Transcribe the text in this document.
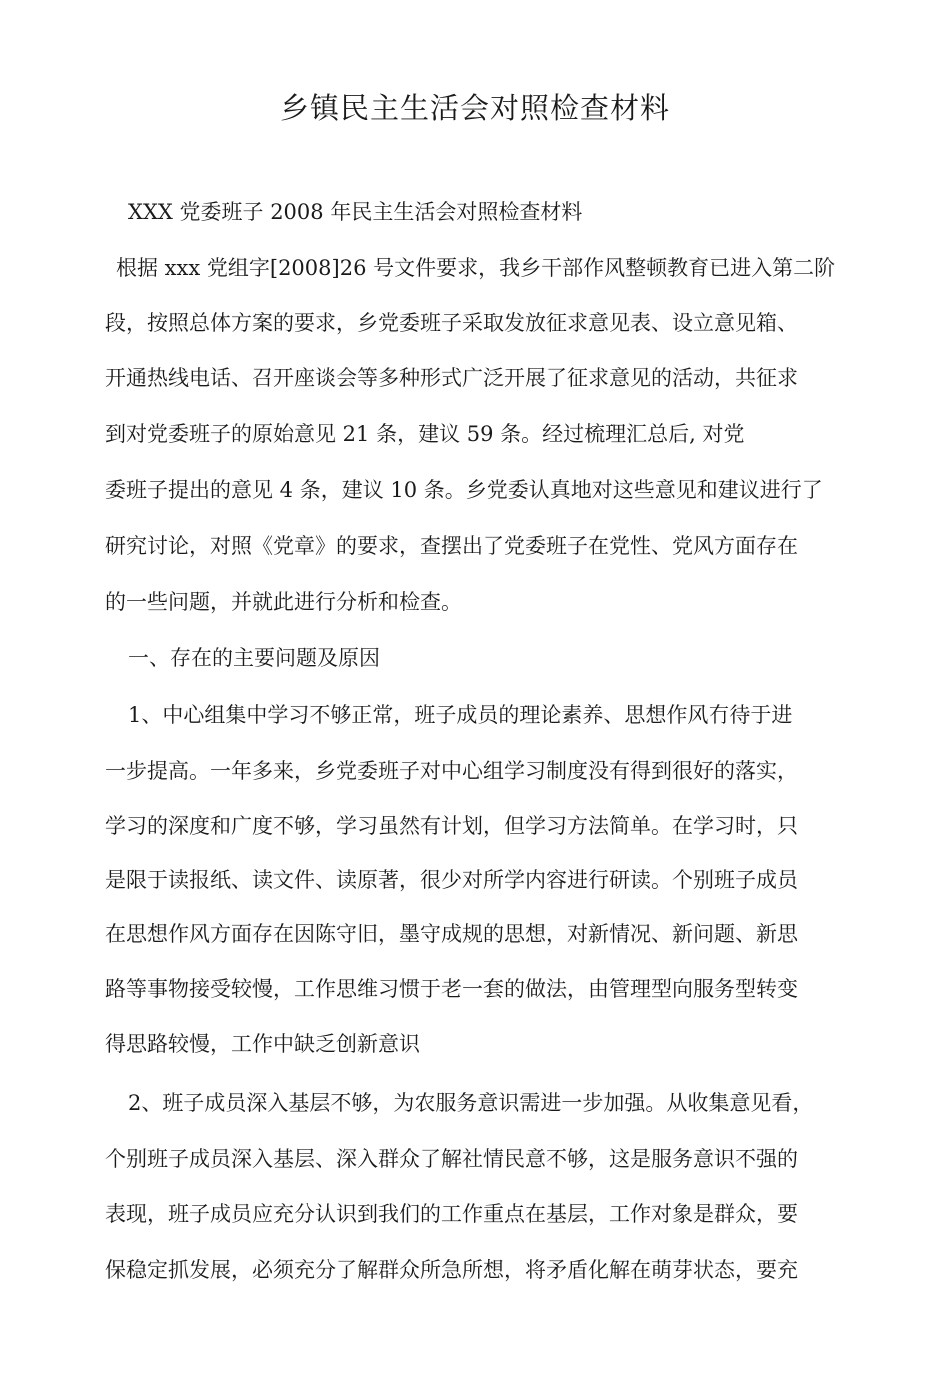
乡镇民主生活会对照检查材料

XXX 党委班子 2008 年民主生活会对照检查材料

根据 xxx 党组字[2008]26 号文件要求，我乡干部作风整顿教育已进入第二阶

段，按照总体方案的要求，乡党委班子采取发放征求意见表、设立意见箱、

开通热线电话、召开座谈会等多种形式广泛开展了征求意见的活动，共征求

到对党委班子的原始意见 21 条，建议 59 条。经过梳理汇总后, 对党

委班子提出的意见 4 条，建议 10 条。乡党委认真地对这些意见和建议进行了

研究讨论，对照《党章》的要求，查摆出了党委班子在党性、党风方面存在

的一些问题，并就此进行分析和检查。

一、存在的主要问题及原因

1、中心组集中学习不够正常，班子成员的理论素养、思想作风冇待于进

一步提高。一年多来，乡党委班子对中心组学习制度没有得到很好的落实，

学习的深度和广度不够，学习虽然有计划，但学习方法简单。在学习时，只

是限于读报纸、读文件、读原著，很少对所学内容进行研读。个别班子成员

在思想作风方面存在因陈守旧，墨守成规的思想，对新情况、新问题、新思

路等事物接受较慢，工作思维习惯于老一套的做法，由管理型向服务型转变

得思路较慢，工作中缺乏创新意识

2、班子成员深入基层不够，为农服务意识需进一步加强。从收集意见看，

个别班子成员深入基层、深入群众了解社情民意不够，这是服务意识不强的

表现，班子成员应充分认识到我们的工作重点在基层，工作对象是群众，要

保稳定抓发展，必须充分了解群众所急所想，将矛盾化解在萌芽状态，要充
